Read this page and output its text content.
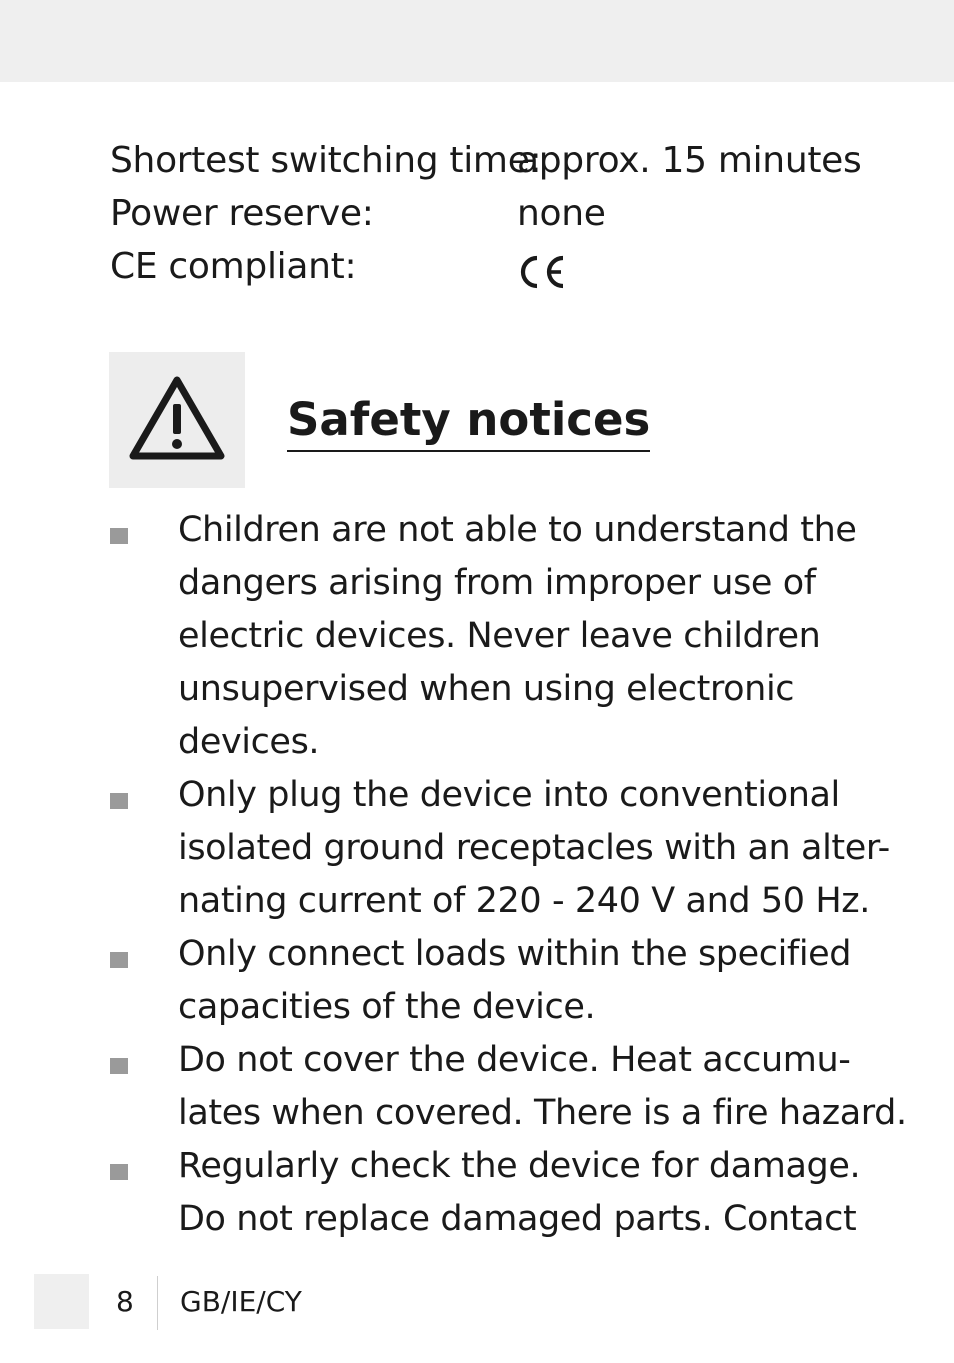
Shortest switching time:
approx. 15 minutes
Power reserve:	none
CE compliant:
Safety notices
Children are not able to understand the
dangers arising from improper use of
electric devices. Never leave children
unsupervised when using electronic
devices.
Only plug the device into conventional
isolated ground receptacles with an alter-
nating current of 220 - 240 V and 50 Hz.
Only connect loads within the specified
capacities of the device.
Do not cover the device. Heat accumu-
lates when covered. There is a fire hazard.
Regularly check the device for damage.
Do not replace damaged parts. Contact
8 GB/IE/CY
